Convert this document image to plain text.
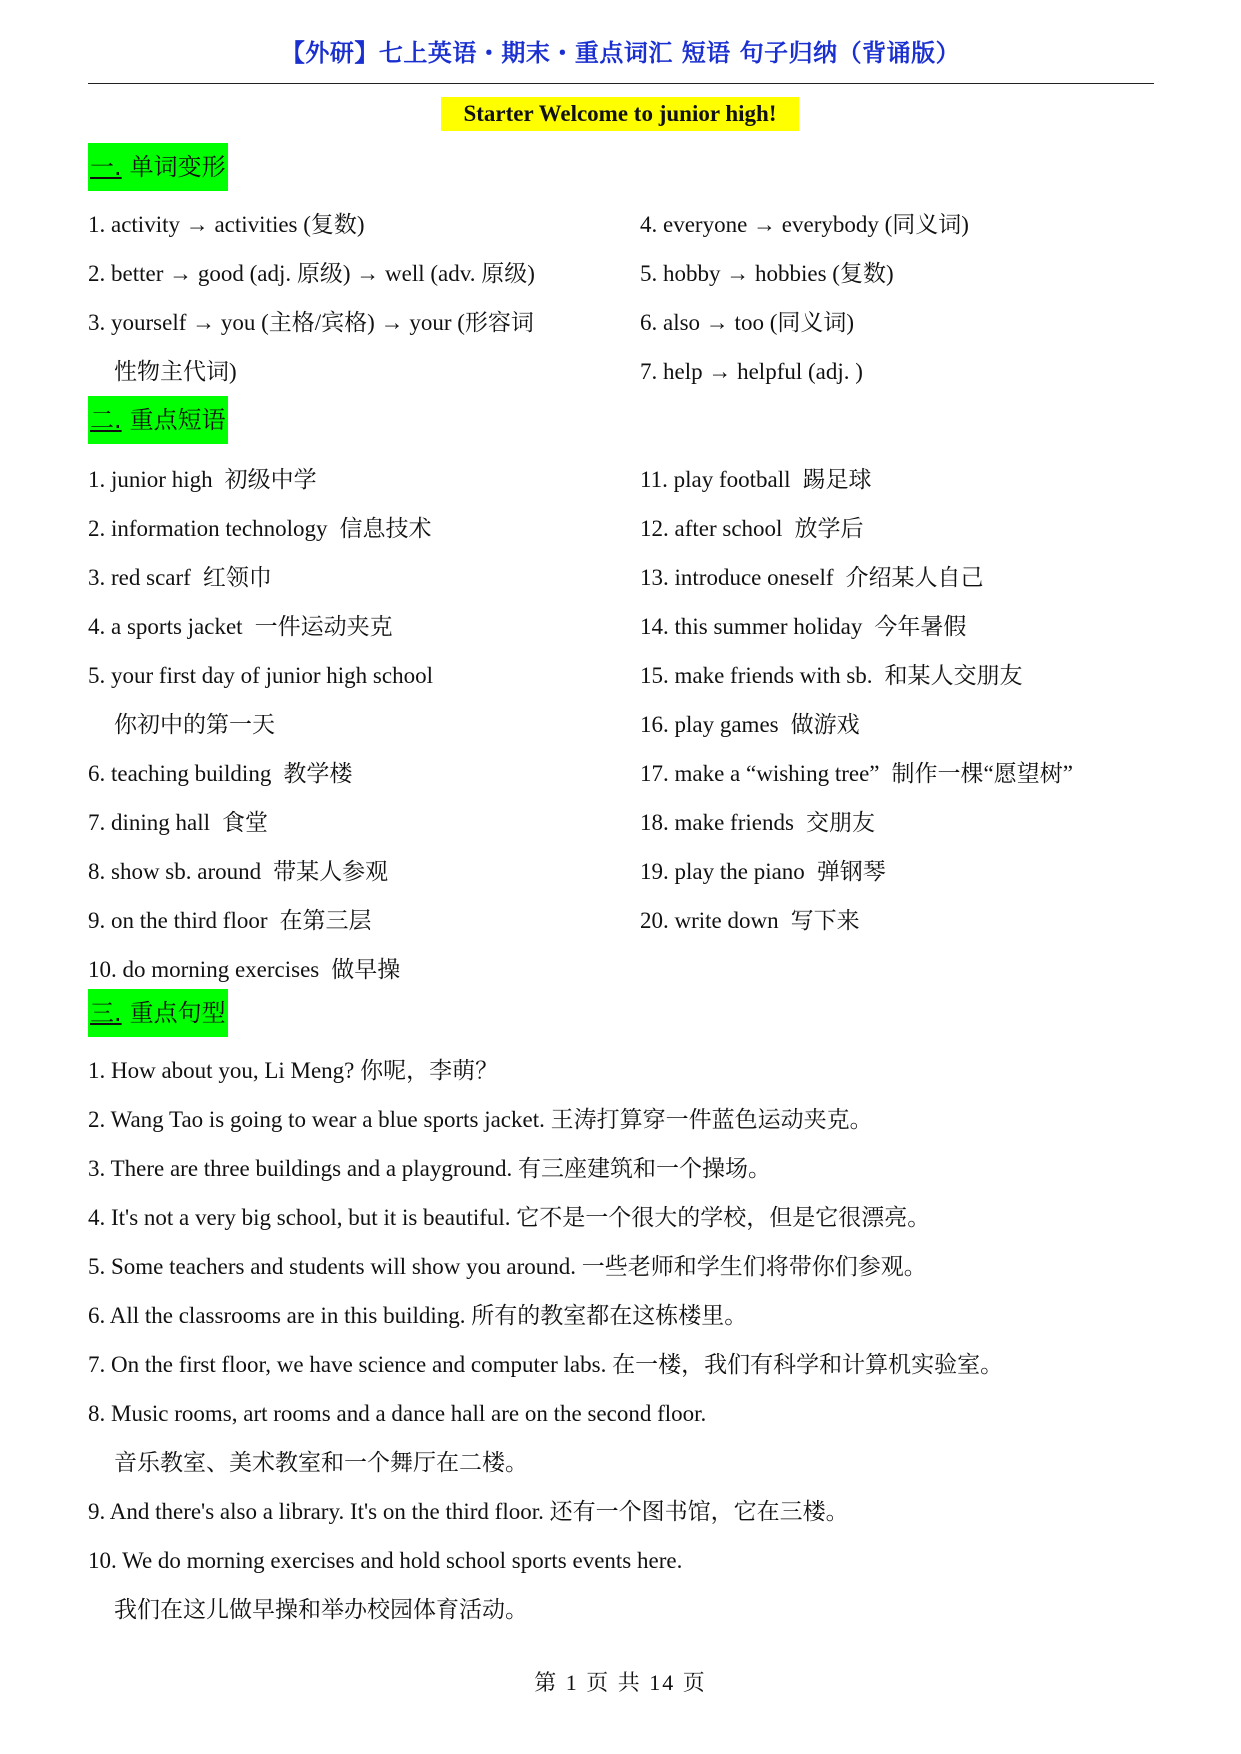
【外研】七上英语・期末・重点词汇 短语 句子归纳（背诵版）
Starter Welcome to junior high!
一. 单词变形
1. activity → activities (复数)
2. better → good (adj. 原级) → well (adv. 原级)
3. yourself → you (主格/宾格) → your (形容词
性物主代词)
4. everyone → everybody (同义词)
5. hobby → hobbies (复数)
6. also → too (同义词)
7. help → helpful (adj. )
二. 重点短语
1. junior high 初级中学
2. information technology 信息技术
3. red scarf 红领巾
4. a sports jacket 一件运动夹克
5. your first day of junior high school
你初中的第一天
6. teaching building 教学楼
7. dining hall 食堂
8. show sb. around 带某人参观
9. on the third floor 在第三层
10. do morning exercises 做早操
11. play football 踢足球
12. after school 放学后
13. introduce oneself 介绍某人自己
14. this summer holiday 今年暑假
15. make friends with sb. 和某人交朋友
16. play games 做游戏
17. make a “wishing tree” 制作一棵“愿望树”
18. make friends 交朋友
19. play the piano 弹钢琴
20. write down 写下来
三. 重点句型
1. How about you, Li Meng? 你呢，李萌？
2. Wang Tao is going to wear a blue sports jacket. 王涛打算穿一件蓝色运动夹克。
3. There are three buildings and a playground. 有三座建筑和一个操场。
4. It's not a very big school, but it is beautiful. 它不是一个很大的学校，但是它很漂亮。
5. Some teachers and students will show you around. 一些老师和学生们将带你们参观。
6. All the classrooms are in this building. 所有的教室都在这栋楼里。
7. On the first floor, we have science and computer labs. 在一楼，我们有科学和计算机实验室。
8. Music rooms, art rooms and a dance hall are on the second floor.
音乐教室、美术教室和一个舞厅在二楼。
9. And there's also a library. It's on the third floor. 还有一个图书馆，它在三楼。
10. We do morning exercises and hold school sports events here.
我们在这儿做早操和举办校园体育活动。
第 1 页 共 14 页
